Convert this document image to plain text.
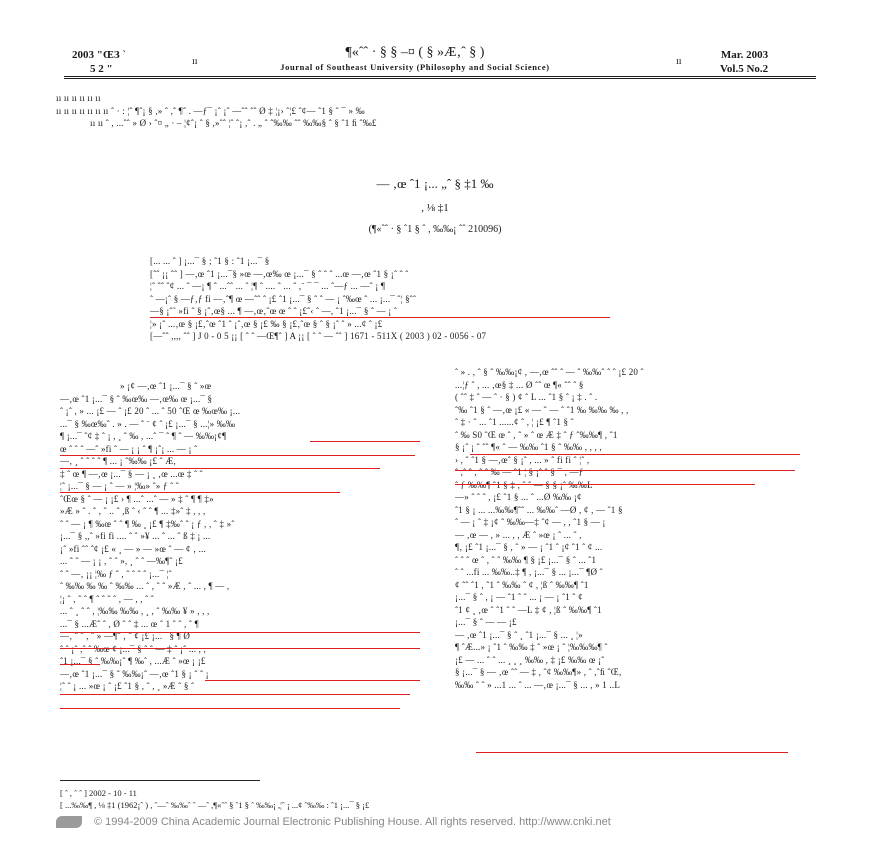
2003 "ŒЗ `
5 2 "
ıı
¶«ˆˆ · § § –¤ ( § »Æ‚ˆ § )
Journal of Southeast University (Philosophy and Social Science)	ıı
Mar. 2003
Vol.5 No.2
ıı ıı ıı ıı ıı ıı
ıı ıı ıı ıı ıı ıı ıı ˆ · : ¦ˆ ¶ˆ¡ § ,» ˆ ,ˆ ¶ˆ . —ƒ¯ ¡ˆ ¡ˆ —ˆˆ ˆˆ Ø ‡ ¦¡› ˆ¦£ ˆ¢— ˆ1 § ˆ ¯ » ‰
ıı ıı ˆ , ...ˆˆ » Ø › ˆ¤ „ · – ¦¢ˆ¡ ˆ § ,»ˆˆ ¦ˆ ˆ¡ ,ˆ . „ ˆ ˆ‰‰ ˆˆ ‰‰§ ˆ § ˆ1 ﬁ ˆ‰£
— ‚œ ˆ1 ¡... „ˆ § ‡1 ‰
, ⅛ ‡1
(¶«ˆˆ · § ˆ1 § ˆ , ‰‰¡ ˆˆ 210096)
[... ... ˆ ] ¡...¯ § ; ˆ1 § : ˆ1 ¡...¯ §
[ˆˆ ¡¡ ˆˆ ] —‚œ ˆ1 ¡...¯§ »œ —‚œ‰ œ ¡...¯ § ˆ ˆ ˆ ...œ —‚œ ˆ1 § ¡ˆ ˆ ˆ
¦ˆ ˆˆ ˆ¢ ... ˆ —¡ ¶ ˆ ...ˆˆ ... ˆ ¦¶ ˆ .... ˆ ... ˆ ,¨ ¯ ¯ ... ˆ—ƒ ... —ˆ ¡ ¶
ˆ —¡ˆ § —ƒ‚ƒ fi —‚ˆ¶ œ —ˆˆ ˆ ¡£ ˆ1 ¡...¯ § ˆ ˆ — ¡ ˆ‰œ ˆ ... ¡...¯ ˆ¦ §ˆˆ
—§ ¡ˆ˜ »fi ˆ § ¡ˆ‚œ§ ... ¶ —‚œ‚ˆœ œ ˆ ˆ ¡£ˆ‹ ˆ —, ˆ1 ¡...¯ § ˆ — ¡ ˆ
¦» ¡ˆ ...‚œ § ¡£‚ˆœ ˆ1 ˆ ¡ˆ‚œ § ¡£ ‰ § ¡£‚ˆœ § ˆ § ¡ˆ ˆ » ...¢ ˆ ¡£
[—ˆˆ ,,,, ˆˆ ] J 0 - 0 5 ¡¡ [ ˆ ˆ —Œ¶ˆ ] A ¡¡ [ ˆ ˆ — ˆˆ ] 1671 - 511X ( 2003 ) 02 - 0056 - 07
» ¡¢ —‚œ ˆ1 ¡...¯ § ˆ »œ
—‚œ ˆ1 ¡...¯ § ˆ ‰œ‰ —‚œ‰ œ ¡...¯ §
ˆ ¡ˆ , » ... ¡£ — ˆ ¡£ 20 ˆ ... ˆ 50 ˆŒ œ ‰œ‰ ¡...
...¯ § ‰œ‰ˆ . » . — ˆ ¨ ¢ ˆ ¡£ ¡...¯ § ...¦» ‰‰
¶ ¡...¯ ˆ¢ ‡ ˆ ¡ , ¸ ˆ ‰ , ...ˆ ¯ ˆ ¶ ˆ — ‰‰¡¢¶
œ ˆ ˆ ˆ —ˆ »fi ˆ — ¡ ¡ ˆ ¶ ¡ˆ¡ ... — ¡ ˆ
—‚ ¸ ˆ ˆ ˆ ˆ ¶ ... ¡ ˆ‰‰ ¡£ ˆ Æ,
‡ ˆ œ ¶ —‚œ ¡...¯ § — ¡ ¸ ‚œ ...œ ‡ ˆ ˆ
¦ˆ ¡...¯ § — ¡ ˆ — » ¦‰» ˆ» ƒ ˆ ˆ
ˆŒœ § ˆ — ¡ ¡£ › ¶ ...ˆ ...ˆ — » ‡ ˆ ¶ ¶ ‡»
»Æ » ˆ . ˆ , ˆ .. ˆ ,ß ˆ ‹ ˆ ˆ ¶ ... ‡»ˆ ‡ , , ,
ˆ ˆ — ¡ ¶ ‰œ ˆ ˆ ¶ ‰ ¸ ¡£ ¶ ‡‰ˆ ˆ ¡ ƒ , , ˆ ‡ »ˆ
¡...¯ § ,,ˆ »fi fi .... ˆ ˆ »¥ ... ˆ ... ˆ ß ‡ ¡ ...
¡ˆ »fi ˆˆ ˆ¢ ¡£ « ¸ — » — »œ ˆ — ¢ ‚ ...
... ˆ ˆ — ¡ ¡ , ˆ ˆ », ¸ ˆ ˆ —‰¶ˆ ¡£
ˆ ˆ —‚ ¡¡ ¦‰ ƒ ˆ , ˆ ˆ ˆ ˆ ¡...¯ ¦ˆ
ˆ ‰‰ ‰ ‰ ˆ ‰‰ ... ˆ , ˆ ˆ »Æ , ˆ ... , ¶ — ,
¦¡ ˆ , ˆ ˆ ¶ ˆ ˆ ˆ ˆ , — , , ˆ ˆ
... ˆ ¸ ˆ ˆ , ¦‰‰ ‰‰ , ¸ , ˆ ‰‰ ¥ » , , ,
...¯ § ...Æˆ ˆ , Ø ˆ ˆ ‡ ... œ ˆ 1 ˆ ˆ , ˆ ¶
—‚ ˆ ˆ , ˆ » —¶ˆ ‚ ˆ ¢ ¡£ ¡...¯ § ¶ Ø
ˆ ˆ ¡ˆ ,ˆ ˆ ‰œ ¢ ¡...¯ § ˆ ˆ — ‡ ˆ ¡ˆ ... , ,
ˆ1 ¡...¯ § ˆ ‰‰¡ˆ ¶ ‰ˆ , ...Æ ˆ »œ ¡ ¡£
—‚œ ˆ1 ¡...¯ § ˆ ‰‰¡ˆ —‚œ ˆ1 § ¡ ˆ ˆ ¡
¦ˆ ˆ ¡ ... »œ ¡ ˆ ¡£ ˆ1 § , ˆ , ¸ »Æ ˆ § ˆ
ˆ » . , ˆ § ˆ ‰‰¡¢ , —‚œ ˆˆ ˆ — ˆ ‰‰ˆ ˆ ˆ ¡£ 20 ˆ
...¦ƒ ˆ , ... ‚œ§ ‡ ... Ø ˆˆ œ ¶« ˆˆ ˆ §
( ˆˆ ‡ ˆ — ˆ · § ) ¢ ˆ L ... ˆ1 § ˆ ¡ ‡ . ˆ .
ˆ‰ ˆ1 § ˆ —‚œ ¡£ « — ˆ — ˆ ˆ1 ‰ ‰‰ ‰ , ,
ˆ ‡ · ˆ ... ˆ1 ......¢ ˆ , ¦ ¡£ ¶ ˆ1 § ˆ
ˆ ‰ S0 ˆŒ œ ˆ , ˆ » ˆ œ Æ ‡ ˆ ƒ ˆ‰‰¶ , ˆ1
§ ¡ˆ ¡ ˆ ˆˆ ¶« ˆ — ‰‰ ˆ1 § ˆ ‰‰ , , , ,
› , ˆ ˆ1 § —‚œˆ § ¡ˆ , ... » ˆ fi fi ˆ ¦ˆ ,
ˆ ,ˆ ˆ , ˆ ˆ ‰ — ˆ1 ¦ § ¡ˆ ˆ § ¯ , —ƒ
ˆ ƒ ‰‰¶ ˆ1 § ‡ , ˆ ˆ — § § ¡ˆ ‰‰L
—» ˆ ˆ ˆ , ¡£ ˆ1 § ... ˆ ...Ø ‰‰ ¡¢
ˆ1 § ¡ ... ...‰‰¶ˆˆ ... ‰‰ˆ —Ø , ¢ , — ˆ1 §
ˆ — ¡ ˆ ‡ ¡¢ ˆ ‰‰—‡ ˆ¢ — , , ˆ1 § — ¡
— ‚œ — , » ... , , Æ ˆ »œ ¡ ˆ ... ˆ ,
¶‚ ¡£ ˆ1 ¡...¯ § , ˆ » — ¡ ˆ1 ˆ ¡¢ ˆ1 ˆ ¢ ...
ˆ ˆ ˆ œ ˆ , ˆ ˆ ‰‰ ¶ § ¡£ ¡...¯ § ˆ ... ˆ1
ˆ ˆ ...fi ... ‰‰..‡ ¶ , ¡...¯ § ... ¡...¯ ¶Ø ˆ
¢ ˆˆ ˆ1 , ˆ1 ˆ ‰‰ ˆ ¢ , ¦ß ˆ ‰‰¶ ˆ1
¡...¯ § ˆ , ¡ — ˆ1 ˆ ˆ ... ¡ — ¡ ˆ1 ˆ ¢
ˆ1 ¢ ¸ ‚œ ˆ ˆ1 ˆ ˆ —L ‡ ¢ , ¦ß ˆ ‰‰¶ ˆ1
¡...¯ § ˆ — — ¡£
— ‚œ ˆ1 ¡...¯ § ˆ ¸ ˆ1 ¡...¯ § ... ¸ ¦»
¶ ˆÆ...» ¡ ˆ1 ˆ ‰‰ ‡ ˆ »œ ¡ ˆ ¦‰‰‰¶ ˆ
¡£ — ... ˆ ˆ ... ¸ ¸ ¸ ‰‰ , ‡ ¡£ ‰‰ œ ¡ˆ
§ ¡...¯ § — ‚œ ˆˆ — ‡ , ˆ¢ ‰‰¶» , ˆ ,ˆﬁ ˆŒ,
‰‰ ˆ ˆ » ...1 ... ˆ ... —‚œ ¡...¯ § ... , » 1 ..L
[ ˆ , ˆ ˆ ] 2002 - 10 - 11
[ ...‰‰¶ , ⅛ ‡1 (1962¡ˆ ) , ˆ—ˆ ‰‰ˆ ˆ —ˆ ,¶«ˆˆ § ˆ1 § ˆ ‰‰¡ ,¦ˆ ¡ ...¢ ˆ‰‰ : ˆ1 ¡...¯ § ¡£
© 1994-2009 China Academic Journal Electronic Publishing House. All rights reserved. http://www.cnki.net
